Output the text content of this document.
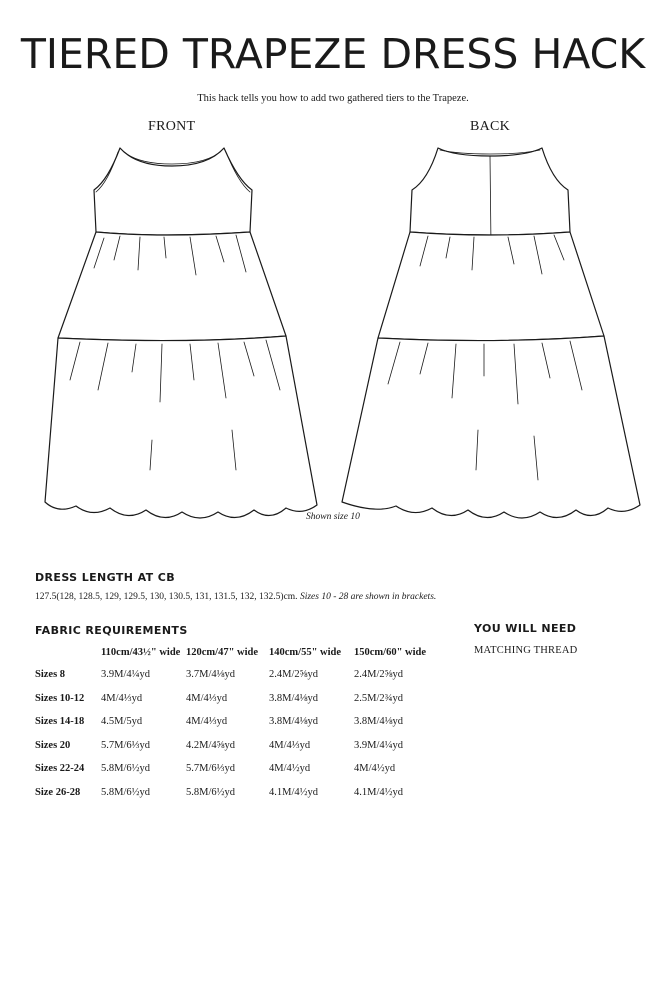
TIERED TRAPEZE DRESS HACK
This hack tells you how to add two gathered tiers to the Trapeze.
FRONT	BACK
Shown size 10
DRESS LENGTH AT CB
127.5(128, 128.5, 129, 129.5, 130, 130.5, 131, 131.5, 132, 132.5)cm. Sizes 10 - 28 are shown in brackets.
FABRIC REQUIREMENTS
	110cm/43½" wide	120cm/47" wide	140cm/55" wide	150cm/60" wide
Sizes 8	3.9M/4¼yd	3.7M/4⅛yd	2.4M/2⅝yd	2.4M/2⅝yd
Sizes 10-12	4M/4⅓yd	4M/4⅓yd	3.8M/4⅛yd	2.5M/2¾yd
Sizes 14-18	4.5M/5yd	4M/4⅓yd	3.8M/4⅛yd	3.8M/4⅛yd
Sizes 20	5.7M/6⅓yd	4.2M/4⅝yd	4M/4⅓yd	3.9M/4¼yd
Sizes 22-24	5.8M/6½yd	5.7M/6⅓yd	4M/4½yd	4M/4½yd
Size 26-28	5.8M/6½yd	5.8M/6½yd	4.1M/4½yd	4.1M/4½yd
YOU WILL NEED
MATCHING THREAD
